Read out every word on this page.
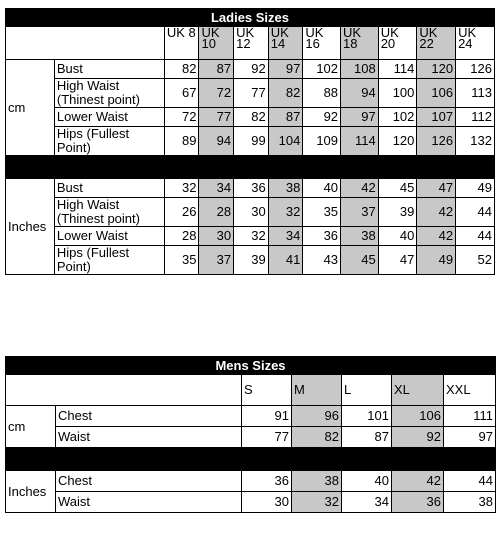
Ladies Sizes										
		UK 8	UK 10	UK 12	UK 14	UK 16	UK 18	UK 20	UK 22	UK 24
cm	Bust	82	87	92	97	102	108	114	120	126
	High Waist (Thinest point)	67	72	77	82	88	94	100	106	113
	Lower Waist	72	77	82	87	92	97	102	107	112
	Hips (Fullest Point)	89	94	99	104	109	114	120	126	132

Inches	Bust	32	34	36	38	40	42	45	47	49
	High Waist (Thinest point)	26	28	30	32	35	37	39	42	44
	Lower Waist	28	30	32	34	36	38	40	42	44
	Hips (Fullest Point)	35	37	39	41	43	45	47	49	52
Mens Sizes						
		S	M	L	XL	XXL
cm	Chest	91	96	101	106	111
	Waist	77	82	87	92	97

Inches	Chest	36	38	40	42	44
	Waist	30	32	34	36	38
